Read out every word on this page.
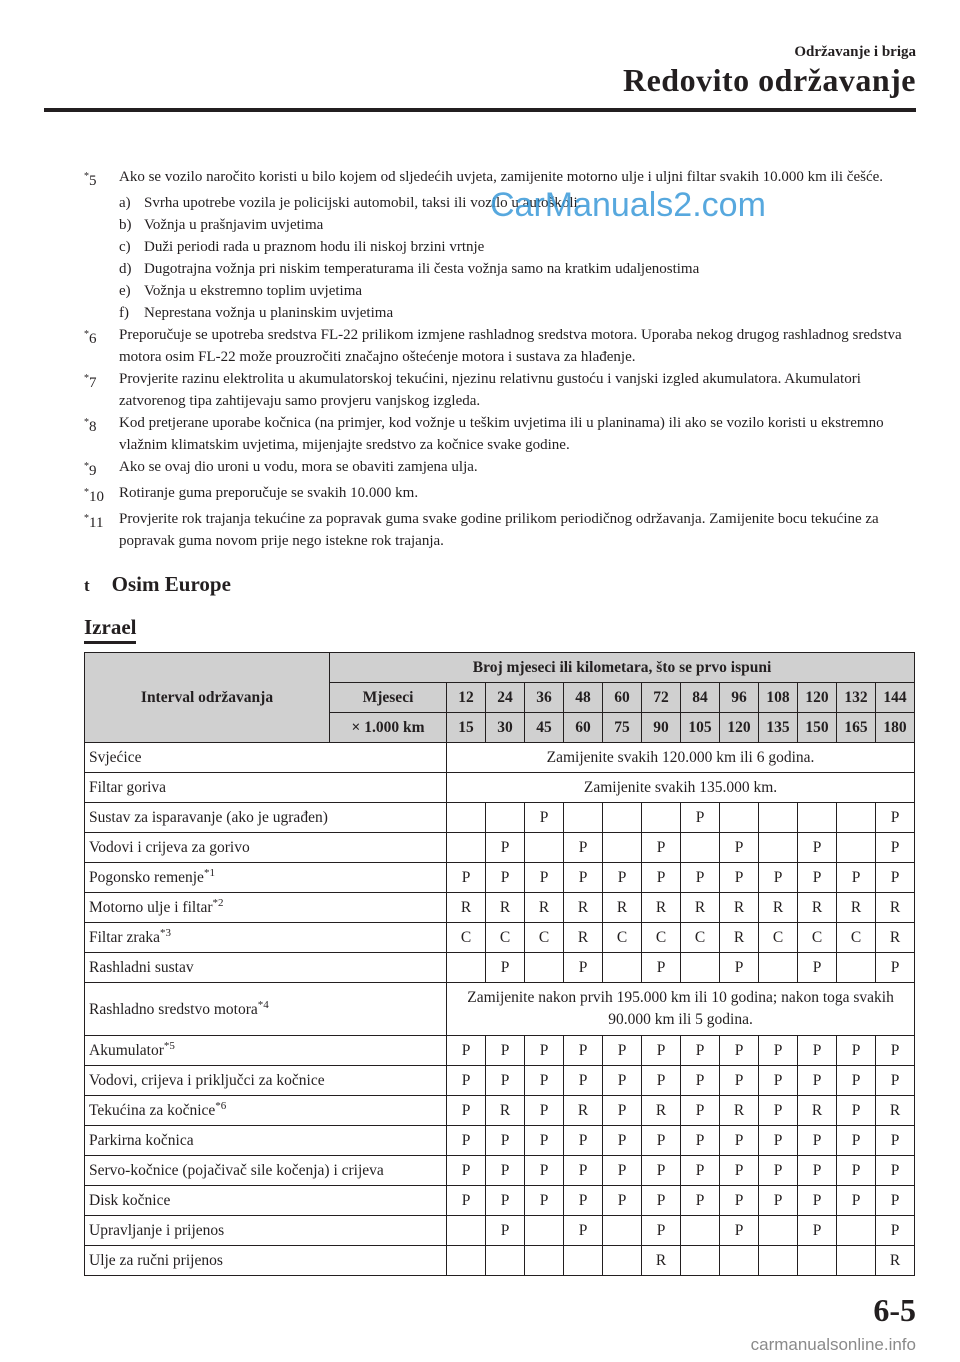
Održavanje i briga
Redovito održavanje
*5	Ako se vozilo naročito koristi u bilo kojem od sljedećih uvjeta, zamijenite motorno ulje i uljni filtar svakih 10.000 km ili češće.
a) Svrha upotrebe vozila je policijski automobil, taksi ili vozilo u autoškoli.
b) Vožnja u prašnjavim uvjetima
c) Duži periodi rada u praznom hodu ili niskoj brzini vrtnje
d) Dugotrajna vožnja pri niskim temperaturama ili česta vožnja samo na kratkim udaljenostima
e) Vožnja u ekstremno toplim uvjetima
f)	Neprestana vožnja u planinskim uvjetima
*6	Preporučuje se upotreba sredstva FL-22 prilikom izmjene rashladnog sredstva motora. Uporaba nekog drugog rashladnog sredstva motora osim FL-22 može prouzročiti značajno oštećenje motora i sustava za hlađenje.
*7	Provjerite razinu elektrolita u akumulatorskoj tekućini, njezinu relativnu gustoću i vanjski izgled akumulatora. Akumulatori zatvorenog tipa zahtijevaju samo provjeru vanjskog izgleda.
*8	Kod pretjerane uporabe kočnica (na primjer, kod vožnje u teškim uvjetima ili u planinama) ili ako se vozilo koristi u ekstremno vlažnim klimatskim uvjetima, mijenjajte sredstvo za kočnice svake godine.
*9	Ako se ovaj dio uroni u vodu, mora se obaviti zamjena ulja.
*10	Rotiranje guma preporučuje se svakih 10.000 km.
*11	Provjerite rok trajanja tekućine za popravak guma svake godine prilikom periodičnog održavanja. Zamijenite bocu tekućine za popravak guma novom prije nego istekne rok trajanja.
CarManuals2.com
t Osim Europe
Izrael
Interval održavanja	Broj mjeseci ili kilometara, što se prvo ispuni												
	Mjeseci	12	24	36	48	60	72	84	96	108	120	132	144
	× 1.000 km	15	30	45	60	75	90	105	120	135	150	165	180
Svjećice		Zamijenite svakih 120.000 km ili 6 godina.											
Filtar goriva		Zamijenite svakih 135.000 km.											
Sustav za isparavanje (ako je ugrađen)				P				P					P
Vodovi i crijeva za gorivo			P		P		P		P		P		P
Pogonsko remenje$^{*1}$		P	P	P	P	P	P	P	P	P	P	P	P
Motorno ulje i filtar$^{*2}$		R	R	R	R	R	R	R	R	R	R	R	R
Filtar zraka$^{*3}$		C	C	C	R	C	C	C	R	C	C	C	R
Rashladni sustav			P		P		P		P		P		P
Rashladno sredstvo motora$^{*4}$		Zamijenite nakon prvih 195.000 km ili 10 godina; nakon toga svakih 90.000 km ili 5 godina.											
Akumulator$^{*5}$		P	P	P	P	P	P	P	P	P	P	P	P
Vodovi, crijeva i priključci za kočnice		P	P	P	P	P	P	P	P	P	P	P	P
Tekućina za kočnice$^{*6}$		P	R	P	R	P	R	P	R	P	R	P	R
Parkirna kočnica		P	P	P	P	P	P	P	P	P	P	P	P
Servo-kočnice (pojačivač sile kočenja) i crijeva		P	P	P	P	P	P	P	P	P	P	P	P
Disk kočnice		P	P	P	P	P	P	P	P	P	P	P	P
Upravljanje i prijenos			P		P		P		P		P		P
Ulje za ručni prijenos							R						R
6-5
carmanualsonline.info
